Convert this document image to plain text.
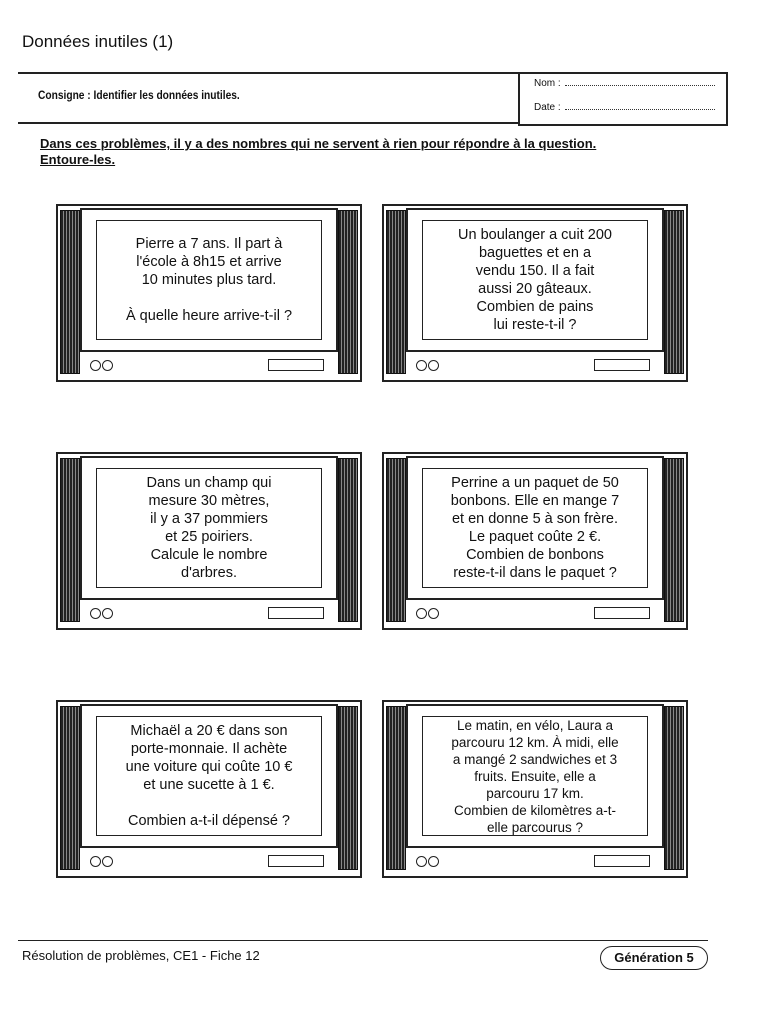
Données inutiles (1)
Consigne : Identifier les données inutiles.
Nom :
Date :
Dans ces problèmes, il y a des nombres qui ne servent à rien pour répondre à la question.
Entoure-les.
Pierre a 7 ans. Il part à
l'école à 8h15 et arrive
10 minutes plus tard.

À quelle heure arrive-t-il ?
Un boulanger a cuit 200
baguettes et en a
vendu 150. Il a fait
aussi 20 gâteaux.
Combien de pains
lui reste-t-il ?
Dans un champ qui
mesure 30 mètres,
il y a 37 pommiers
et 25 poiriers.
Calcule le nombre
d'arbres.
Perrine a un paquet de 50
bonbons. Elle en mange 7
et en donne 5 à son frère.
Le paquet coûte 2 €.
Combien de bonbons
reste-t-il dans le paquet ?
Michaël a 20 € dans son
porte-monnaie. Il achète
une voiture qui coûte 10 €
et une sucette à 1 €.

Combien a-t-il dépensé ?
Le matin, en vélo, Laura a
parcouru 12 km. À midi, elle
a mangé 2 sandwiches et 3
fruits. Ensuite, elle a
parcouru 17 km.
Combien de kilomètres a-t-
elle parcourus ?
Résolution de problèmes, CE1 - Fiche 12	Génération 5
